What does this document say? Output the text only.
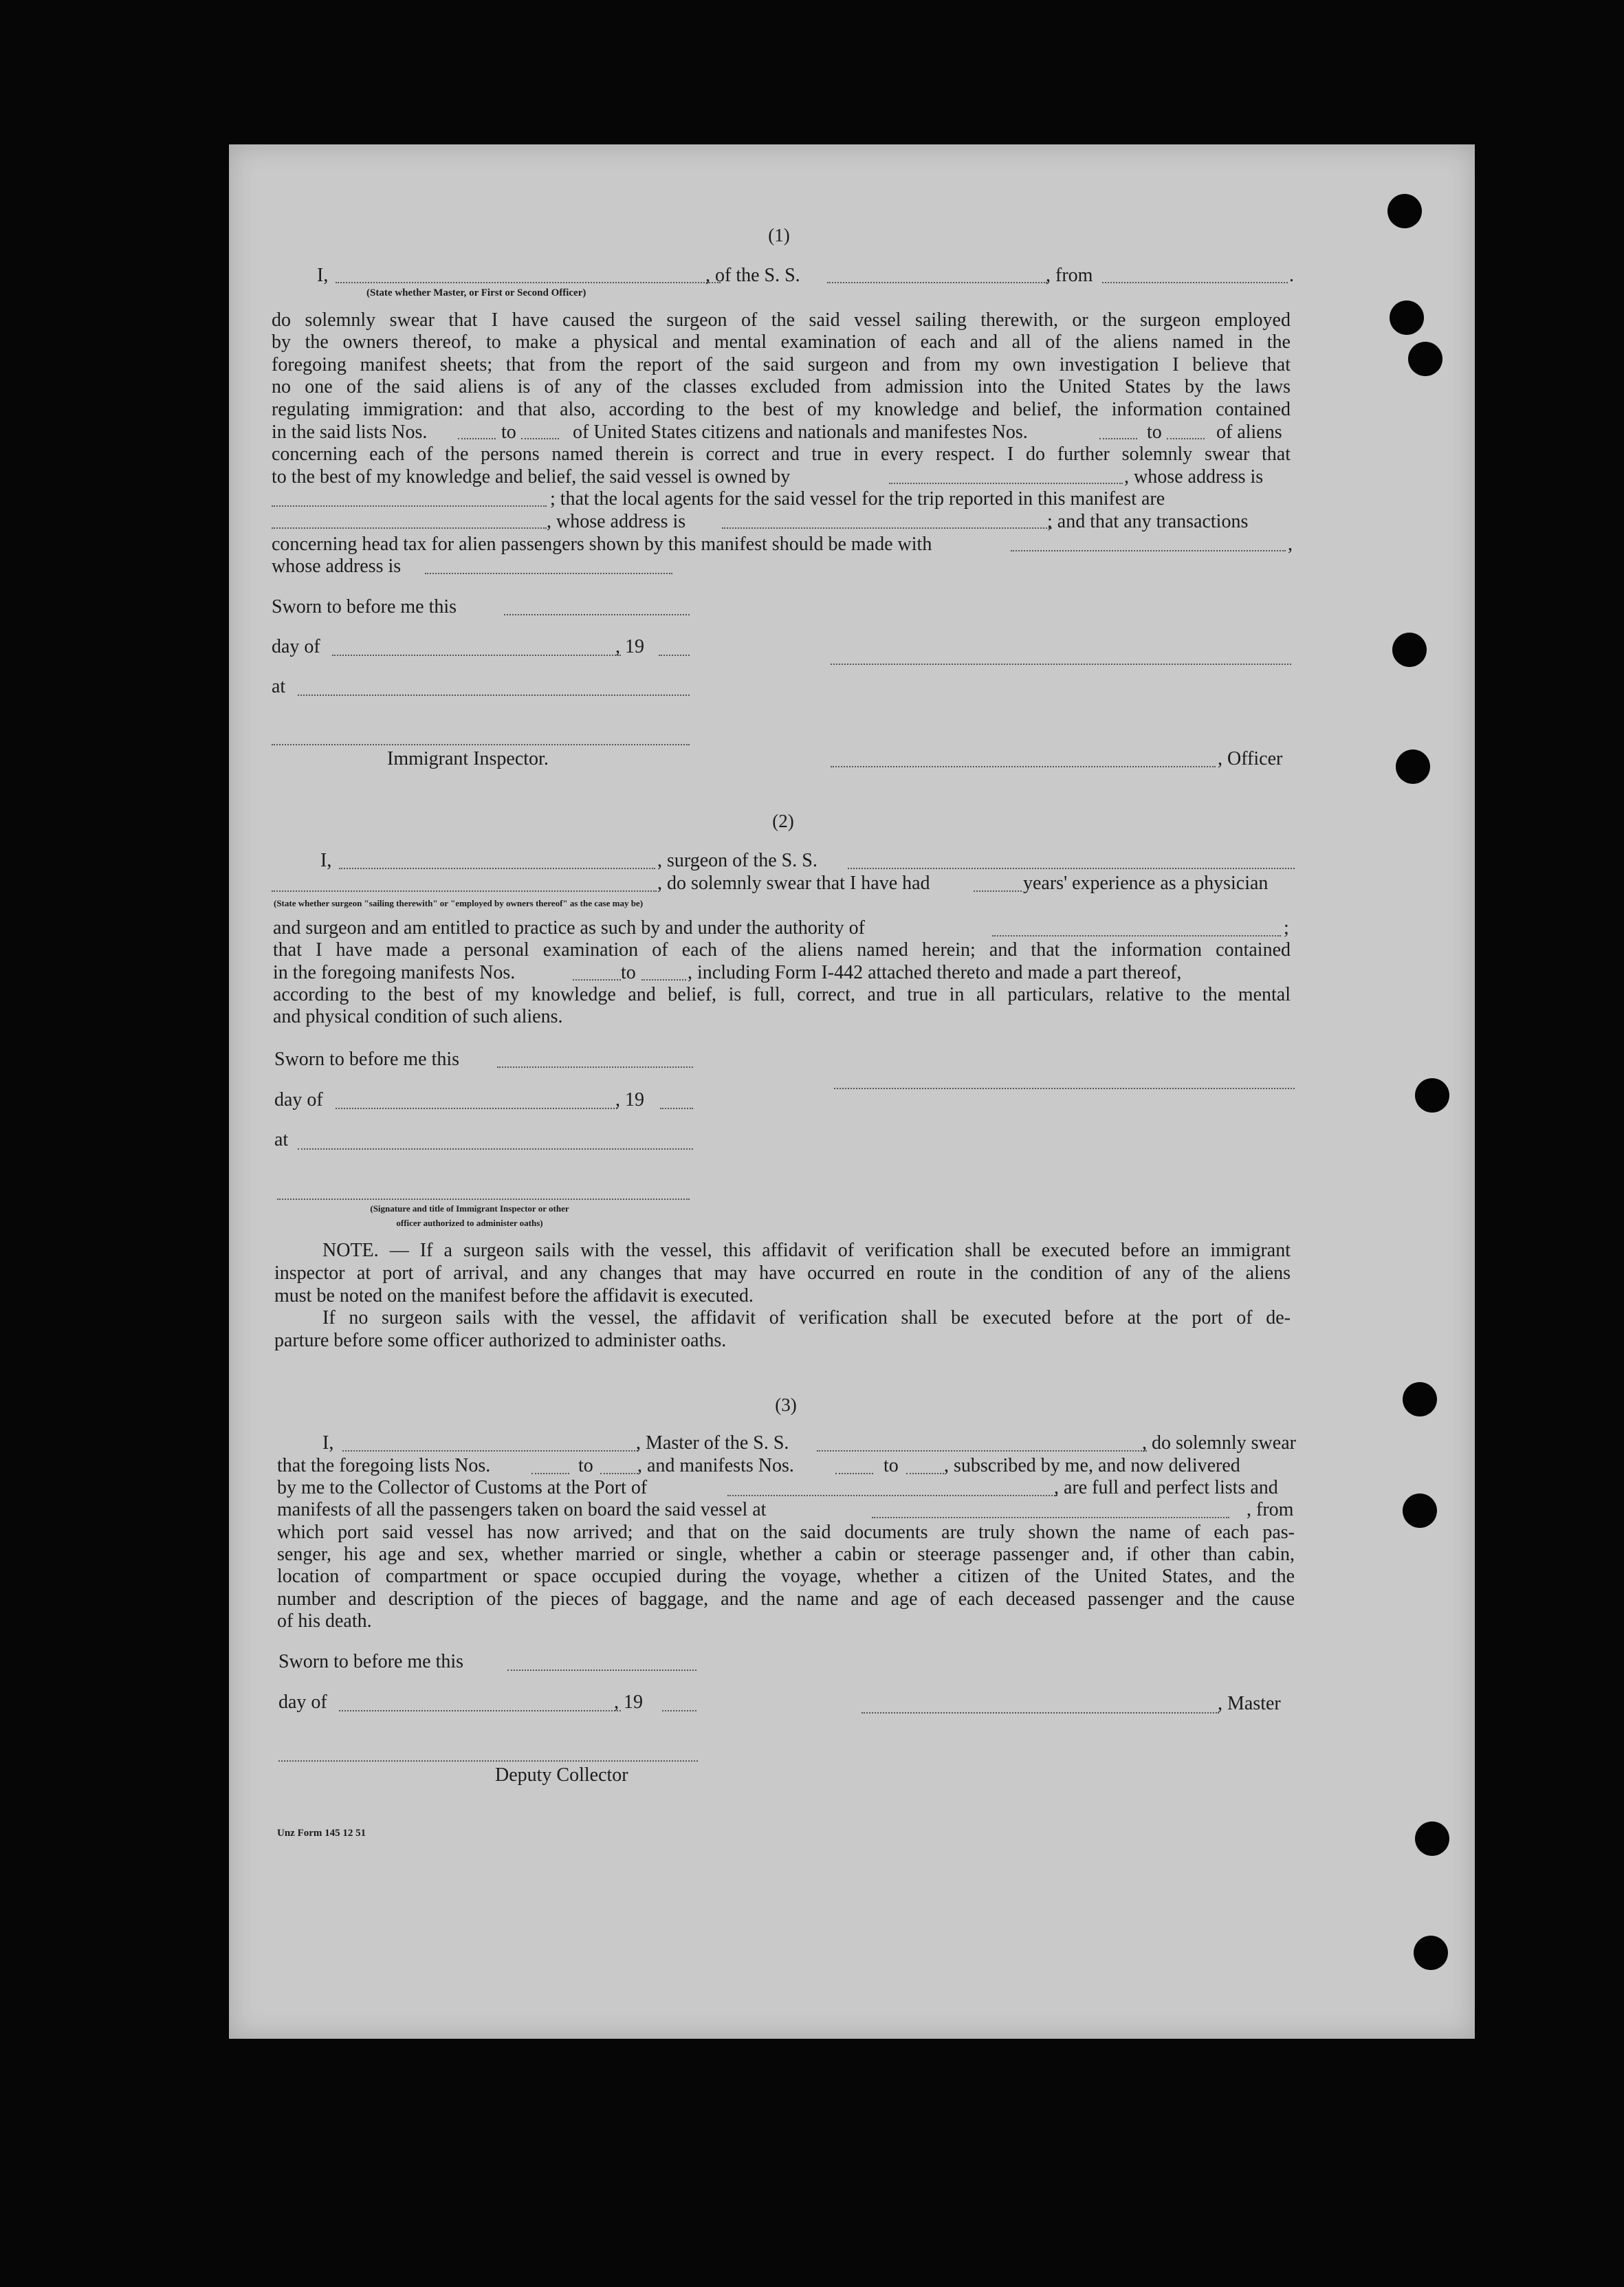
(1)
I,	, of the S. S.	, from	.
(State whether Master, or First or Second Officer)
do solemnly swear that I have caused the surgeon of the said vessel sailing therewith, or the surgeon employed
by the owners thereof, to make a physical and mental examination of each and all of the aliens named in the
foregoing manifest sheets; that from the report of the said surgeon and from my own investigation I believe that
no one of the said aliens is of any of the classes excluded from admission into the United States by the laws
regulating immigration: and that also, according to the best of my knowledge and belief, the information contained
in the said lists Nos.	to	of United States citizens and nationals and manifestes Nos.	to	of aliens
concerning each of the persons named therein is correct and true in every respect. I do further solemnly swear that
to the best of my knowledge and belief, the said vessel is owned by	, whose address is
; that the local agents for the said vessel for the trip reported in this manifest are
, whose address is	; and that any transactions
concerning head tax for alien passengers shown by this manifest should be made with	,
whose address is
Sworn to before me this
day of	, 19
at
Immigrant Inspector.	, Officer
(2)
I,	, surgeon of the S. S.
, do solemnly swear that I have had	years' experience as a physician
(State whether surgeon "sailing therewith" or "employed by owners thereof" as the case may be)
and surgeon and am entitled to practice as such by and under the authority of	;
that I have made a personal examination of each of the aliens named herein; and that the information contained
in the foregoing manifests Nos.	to	, including Form I-442 attached thereto and made a part thereof,
according to the best of my knowledge and belief, is full, correct, and true in all particulars, relative to the mental
and physical condition of such aliens.
Sworn to before me this
day of	, 19
at
(Signature and title of Immigrant Inspector or other
officer authorized to administer oaths)
NOTE. — If a surgeon sails with the vessel, this affidavit of verification shall be executed before an immigrant
inspector at port of arrival, and any changes that may have occurred en route in the condition of any of the aliens
must be noted on the manifest before the affidavit is executed.
If no surgeon sails with the vessel, the affidavit of verification shall be executed before at the port of de-
parture before some officer authorized to administer oaths.
(3)
I,	, Master of the S. S.	, do solemnly swear
that the foregoing lists Nos.	to , and manifests Nos.	to , subscribed by me, and now delivered
by me to the Collector of Customs at the Port of	, are full and perfect lists and
manifests of all the passengers taken on board the said vessel at	, from
which port said vessel has now arrived; and that on the said documents are truly shown the name of each pas-
senger, his age and sex, whether married or single, whether a cabin or steerage passenger and, if other than cabin,
location of compartment or space occupied during the voyage, whether a citizen of the United States, and the
number and description of the pieces of baggage, and the name and age of each deceased passenger and the cause
of his death.
Sworn to before me this
day of	, 19	, Master
Deputy Collector
Unz Form 145 12 51
